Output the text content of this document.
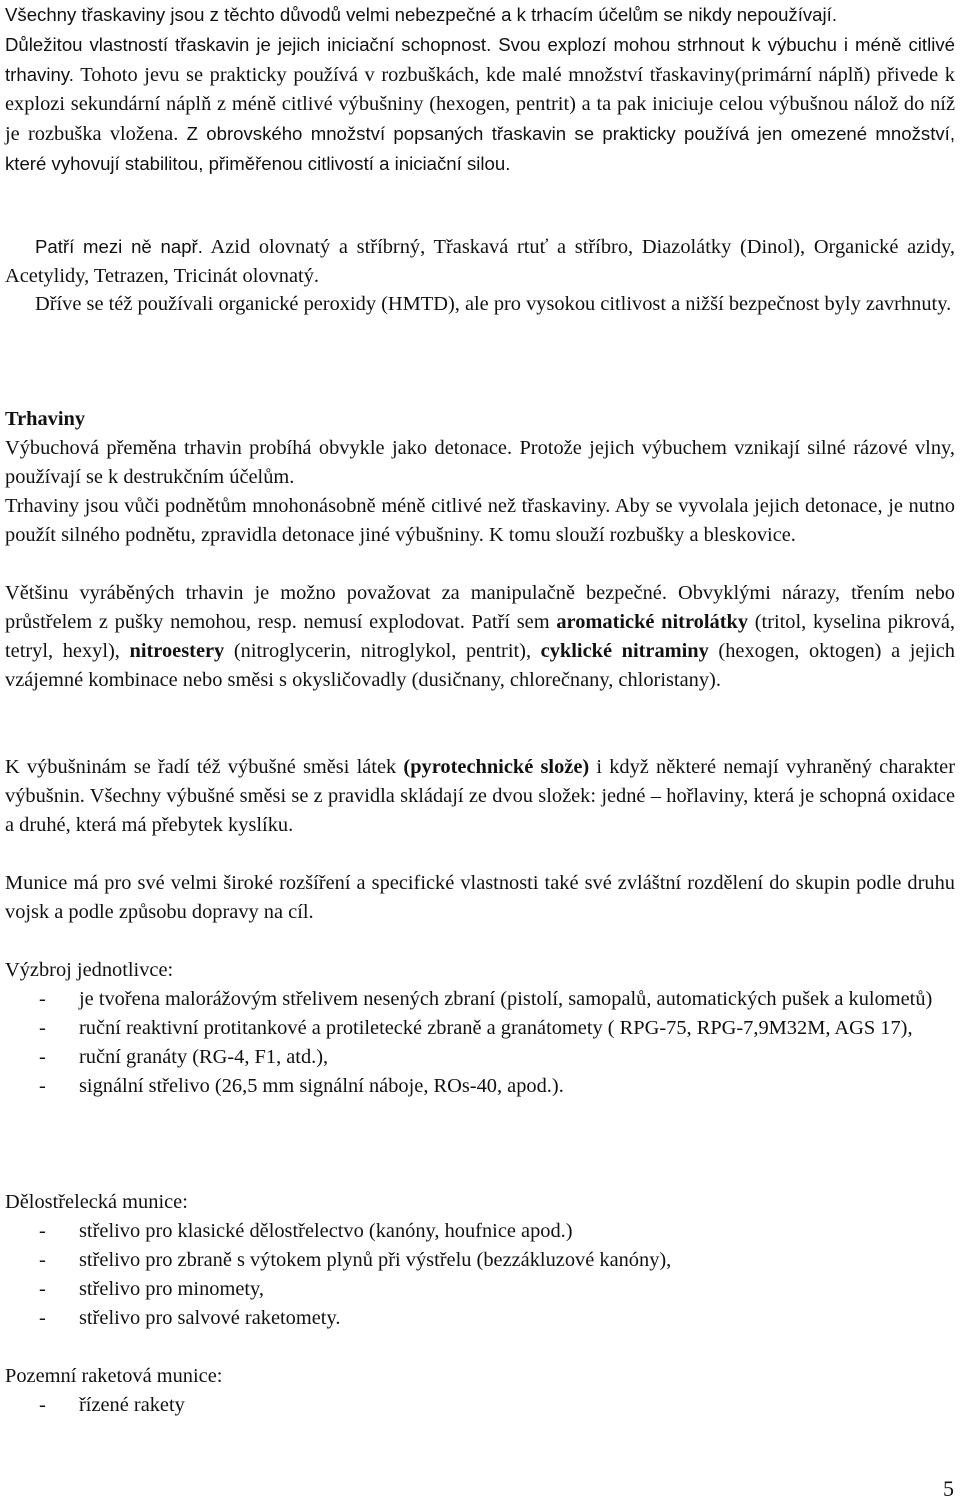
Všechny třaskaviny jsou z těchto důvodů velmi nebezpečné a k trhacím účelům se nikdy nepoužívají.
Důležitou vlastností třaskavin je jejich iniciační schopnost. Svou explozí mohou strhnout k výbuchu i méně citlivé trhaviny. Tohoto jevu se prakticky používá v rozbuškách, kde malé množství třaskaviny(primární náplň) přivede k explozi sekundární náplň z méně citlivé výbušniny (hexogen, pentrit) a ta pak iniciuje celou výbušnou nálož do níž je rozbuška vložena. Z obrovského množství popsaných třaskavin se prakticky používá jen omezené množství, které vyhovují stabilitou, přiměřenou citlivostí a iniciační silou.

Patří mezi ně např. Azid olovnatý a stříbrný, Třaskavá rtuť a stříbro, Diazolátky (Dinol), Organické azidy, Acetylidy, Tetrazen, Tricinát olovnatý.

Dříve se též používali organické peroxidy (HMTD), ale pro vysokou citlivost a nižší bezpečnost byly zavrhnuty.

Trhaviny

Výbuchová přeměna trhavin probíhá obvykle jako detonace. Protože jejich výbuchem vznikají silné rázové vlny, používají se k destrukčním účelům.

Trhaviny jsou vůči podnětům mnohonásobně méně citlivé než třaskaviny. Aby se vyvolala jejich detonace, je nutno použít silného podnětu, zpravidla detonace jiné výbušniny. K tomu slouží rozbušky a bleskovice.

Většinu vyráběných trhavin je možno považovat za manipulačně bezpečné. Obvyklými nárazy, třením nebo průstřelem z pušky nemohou, resp. nemusí explodovat. Patří sem aromatické nitrolátky (tritol, kyselina pikrová, tetryl, hexyl), nitroestery (nitroglycerin, nitroglykol, pentrit), cyklické nitraminy (hexogen, oktogen) a jejich vzájemné kombinace nebo směsi s okysličovadly (dusičnany, chlorečnany, chloristany).

K výbušninám se řadí též výbušné směsi látek (pyrotechnické slože) i když některé nemají vyhraněný charakter výbušnin. Všechny výbušné směsi se z pravidla skládají ze dvou složek: jedné – hořlaviny, která je schopná oxidace a druhé, která má přebytek kyslíku.

Munice má pro své velmi široké rozšíření a specifické vlastnosti také své zvláštní rozdělení do skupin podle druhu vojsk a podle způsobu dopravy na cíl.

Výzbroj jednotlivce:

- je tvořena malorážovým střelivem nesených zbraní (pistolí, samopalů, automatických pušek a kulometů)
- ruční reaktivní protitankové a protiletecké zbraně a granátomety ( RPG-75, RPG-7,9M32M, AGS 17),
- ruční granáty (RG-4, F1, atd.),
- signální střelivo (26,5 mm signální náboje, ROs-40, apod.).

Dělostřelecká munice:

- střelivo pro klasické dělostřelectvo (kanóny, houfnice apod.)
- střelivo pro zbraně s výtokem plynů při výstřelu (bezzákluzové kanóny),
- střelivo pro minomety,
- střelivo pro salvové raketomety.

Pozemní raketová munice:

- řízené rakety
5
